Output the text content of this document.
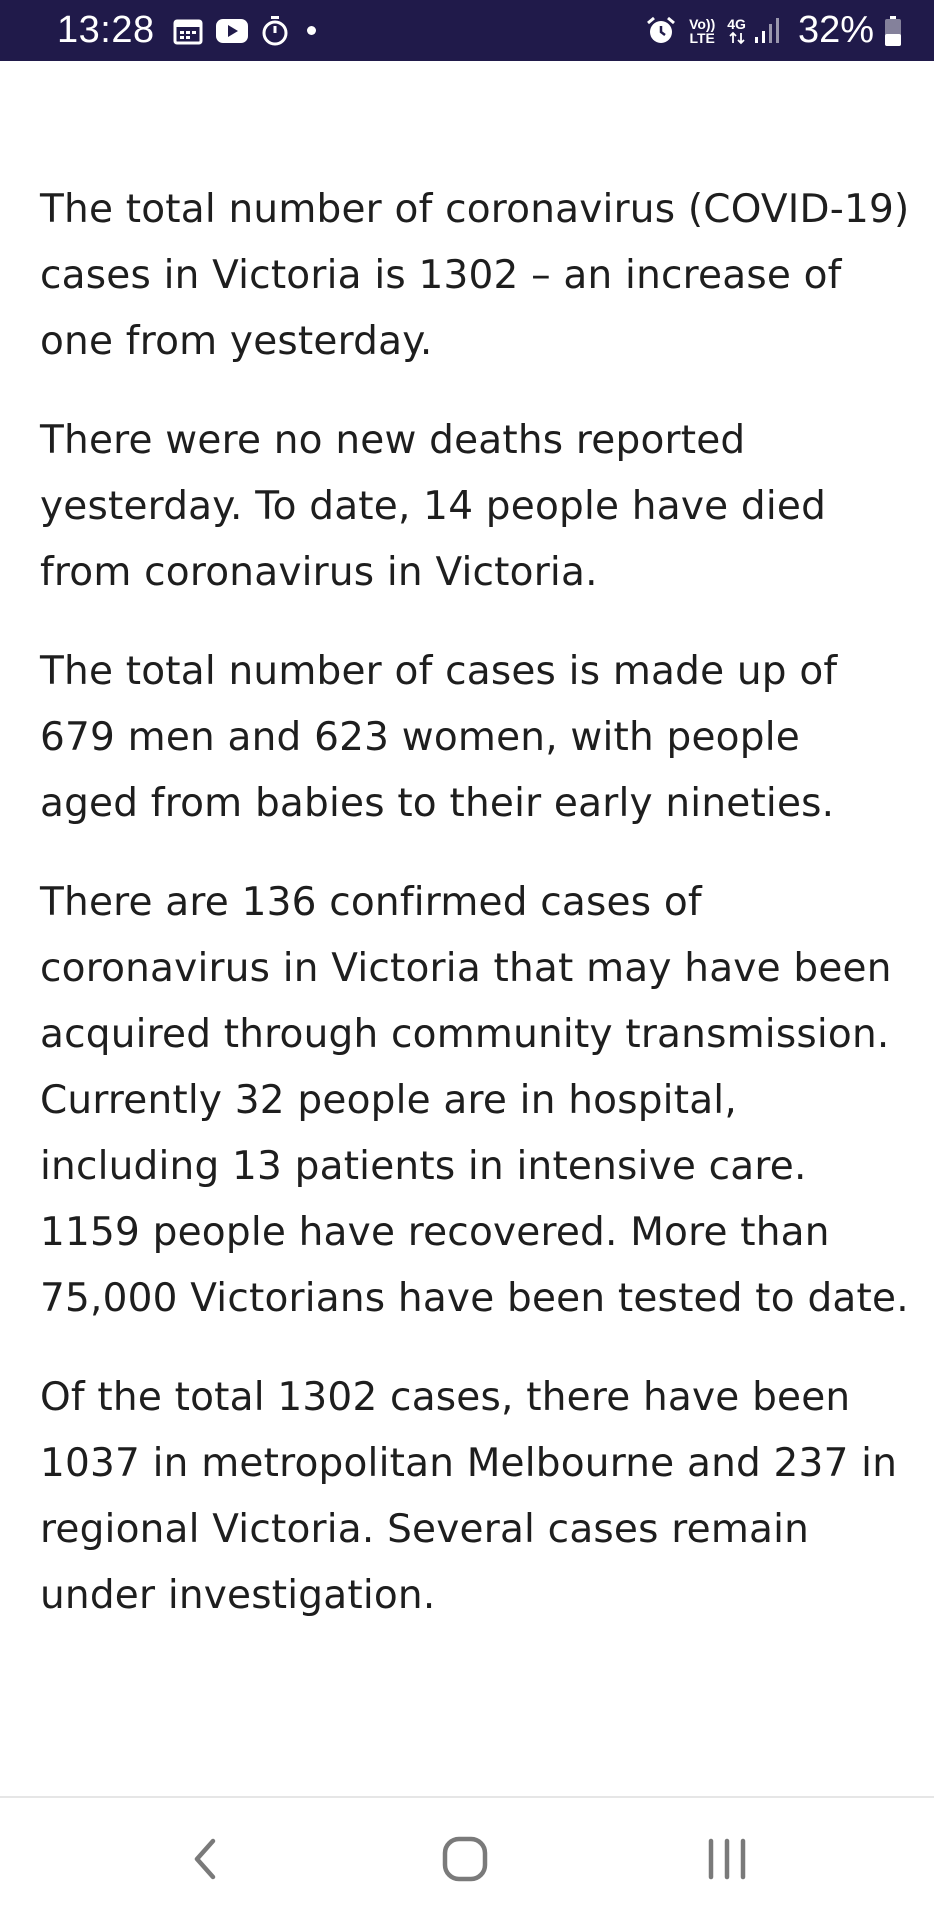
13:28	Vo))
LTE
4G 32%

The total number of coronavirus (COVID-19) cases in Victoria is 1302 – an increase of one from yesterday.

There were no new deaths reported yesterday. To date, 14 people have died from coronavirus in Victoria.

The total number of cases is made up of 679 men and 623 women, with people aged from babies to their early nineties.

There are 136 confirmed cases of coronavirus in Victoria that may have been acquired through community transmission. Currently 32 people are in hospital, including 13 patients in intensive care. 1159 people have recovered. More than 75,000 Victorians have been tested to date.

Of the total 1302 cases, there have been 1037 in metropolitan Melbourne and 237 in regional Victoria. Several cases remain under investigation.
